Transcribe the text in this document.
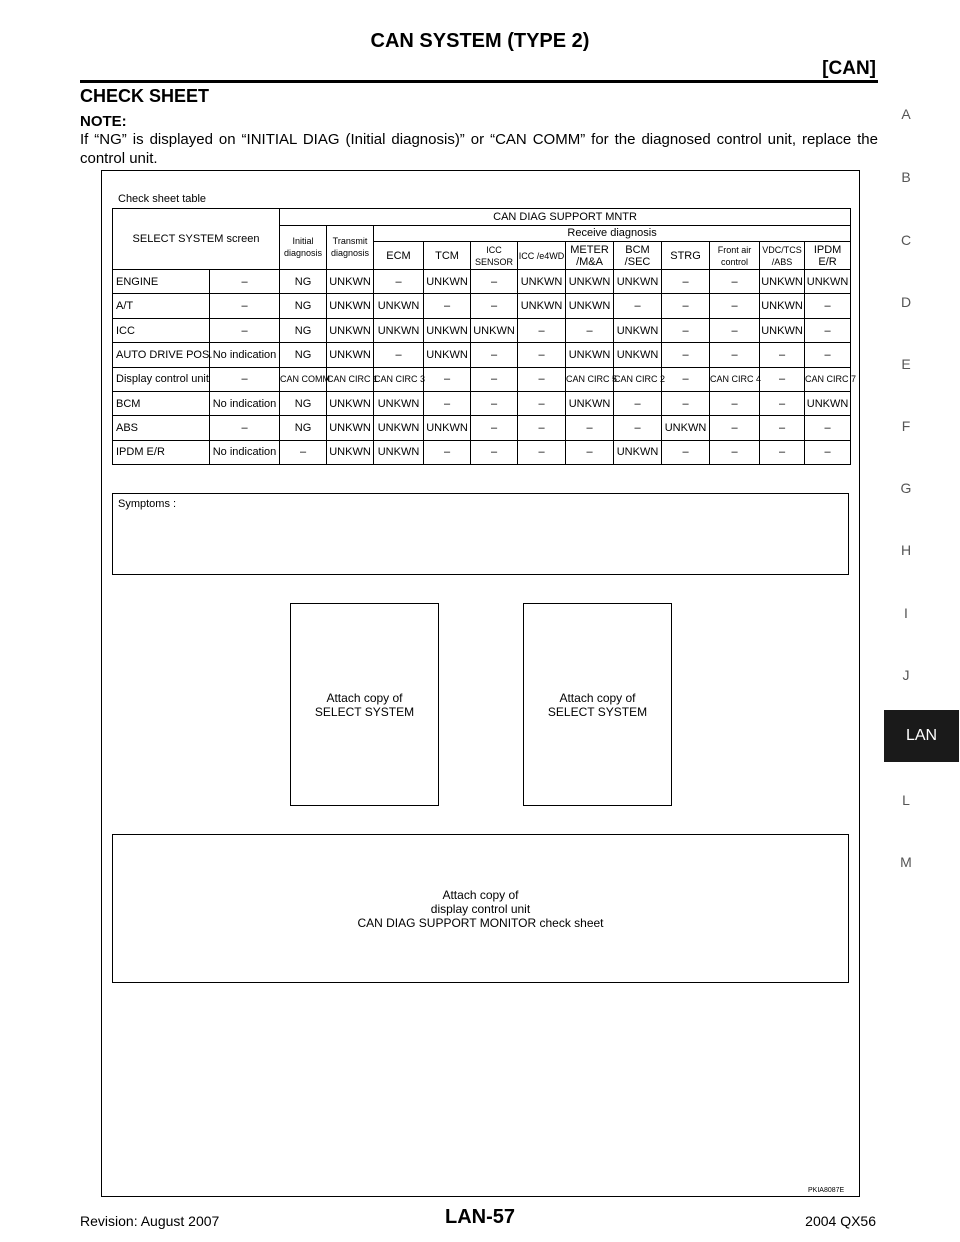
CAN SYSTEM (TYPE 2)
[CAN]
CHECK SHEET
NOTE:
If “NG” is displayed on “INITIAL DIAG (Initial diagnosis)” or “CAN COMM” for the diagnosed control unit, replace the control unit.
A
B
C
D
E
F
G
H
I
J
LAN
L
M
Check sheet table
SELECT SYSTEM screen		CAN DIAG SUPPORT MNTR											
		Initial diagnosis	Transmit diagnosis	Receive diagnosis									
				ECM	TCM	ICC SENSOR	ICC /e4WD	METER /M&A	BCM /SEC	STRG	Front air control	VDC/TCS /ABS	IPDM E/R
ENGINE	–	NG	UNKWN	–	UNKWN	–	UNKWN	UNKWN	UNKWN	–	–	UNKWN	UNKWN
A/T	–	NG	UNKWN	UNKWN	–	–	UNKWN	UNKWN	–	–	–	UNKWN	–
ICC	–	NG	UNKWN	UNKWN	UNKWN	UNKWN	–	–	UNKWN	–	–	UNKWN	–
AUTO DRIVE POS.	No indication	NG	UNKWN	–	UNKWN	–	–	UNKWN	UNKWN	–	–	–	–
Display control unit	–	CAN COMM	CAN CIRC 1	CAN CIRC 3	–	–	–	CAN CIRC 5	CAN CIRC 2	–	CAN CIRC 4	–	CAN CIRC 7
BCM	No indication	NG	UNKWN	UNKWN	–	–	–	UNKWN	–	–	–	–	UNKWN
ABS	–	NG	UNKWN	UNKWN	UNKWN	–	–	–	–	UNKWN	–	–	–
IPDM E/R	No indication	–	UNKWN	UNKWN	–	–	–	–	UNKWN	–	–	–	–
Symptoms :
Attach copy of
SELECT SYSTEM
Attach copy of
SELECT SYSTEM
Attach copy of
display control unit
CAN DIAG SUPPORT MONITOR check sheet
PKIA8087E
Revision: August 2007	LAN-57	2004 QX56
